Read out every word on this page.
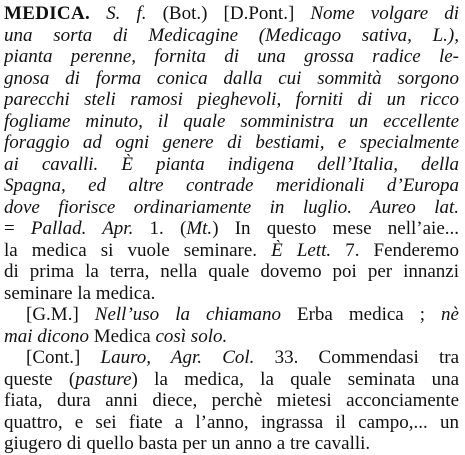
MEDICA. S. f. (Bot.) [D.Pont.] Nome volgare di
una sorta di Medicagine (Medicago sativa, L.),
pianta perenne, fornita di una grossa radice le-
gnosa di forma conica dalla cui sommità sorgono
parecchi steli ramosi pieghevoli, forniti di un ricco
fogliame minuto, il quale somministra un eccellente
foraggio ad ogni genere di bestiami, e specialmente
ai cavalli. È pianta indigena dell’Italia, della
Spagna, ed altre contrade meridionali d’Europa
dove fiorisce ordinariamente in luglio. Aureo lat.
= Pallad. Apr. 1. (Mt.) In questo mese nell’aie...
la medica si vuole seminare. È Lett. 7. Fenderemo
di prima la terra, nella quale dovemo poi per innanzi
seminare la medica.
[G.M.] Nell’uso la chiamano Erba medica ; nè
mai dicono Medica così solo.
[Cont.] Lauro, Agr. Col. 33. Commendasi tra
queste (pasture) la medica, la quale seminata una
fiata, dura anni diece, perchè mietesi acconciamente
quattro, e sei fiate a l’anno, ingrassa il campo,... un
giugero di quello basta per un anno a tre cavalli.
